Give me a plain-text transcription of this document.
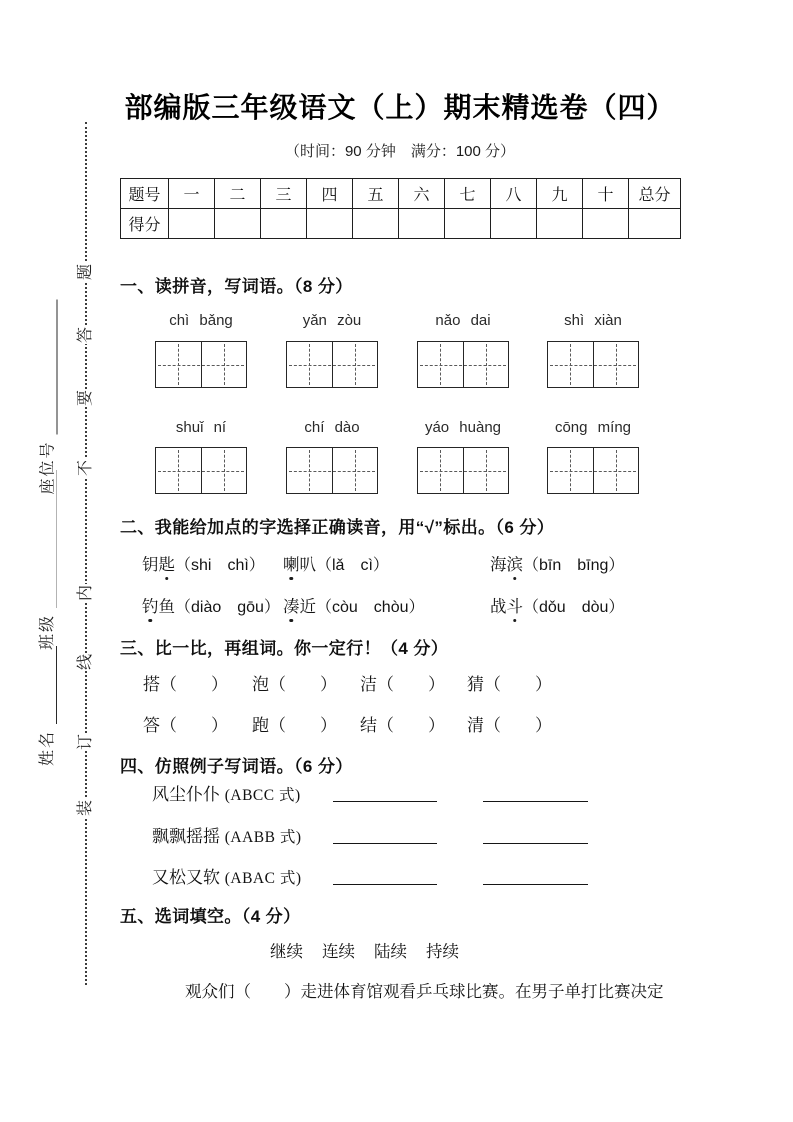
题
答
要
不
内
线
订
装
座位号
班级
姓名
部编版三年级语文（上）期末精选卷（四）
（时间：90 分钟　满分：100 分）
题号	一	二	三	四	五	六	七	八	九	十	总分
得分											
一、读拼音，写词语。（8 分）
chì bǎng	yǎn zòu	nǎo dai	shì xiàn
shuǐ ní	chí dào	yáo huàng	cōng míng
二、我能给加点的字选择正确读音，用“√”标出。（6 分）
钥匙（shi　chì） 喇叭（lǎ　cì）	海滨（bīn　bīng）
钓鱼（diào　gōu） 凑近（còu　chòu）	战斗（dǒu　dòu）
三、比一比，再组词。你一定行！（4 分）
搭（　　） 泡（　　） 洁（　　） 猜（　　）
答（　　） 跑（　　） 结（　　） 清（　　）
四、仿照例子写词语。（6 分）
风尘仆仆 (ABCC 式)
飘飘摇摇 (AABB 式)
又松又软 (ABAC 式)
五、选词填空。（4 分）
继续 连续 陆续 持续
观众们（　　）走进体育馆观看乒乓球比赛。在男子单打比赛决定
